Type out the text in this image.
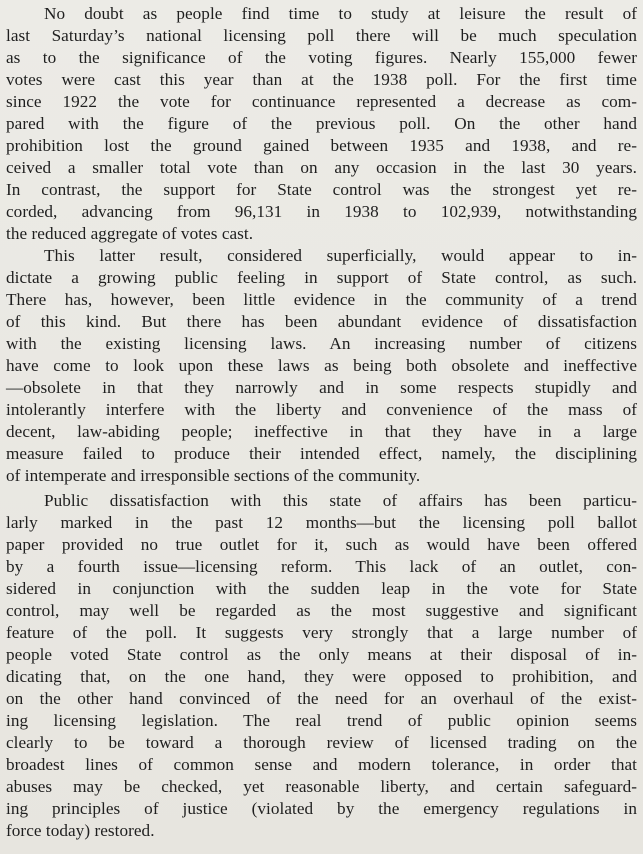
No doubt as people find time to study at leisure the result of
last Saturday’s national licensing poll there will be much speculation
as to the significance of the voting figures. Nearly 155,000 fewer
votes were cast this year than at the 1938 poll. For the first time
since 1922 the vote for continuance represented a decrease as com-
pared with the figure of the previous poll. On the other hand
prohibition lost the ground gained between 1935 and 1938, and re-
ceived a smaller total vote than on any occasion in the last 30 years.
In contrast, the support for State control was the strongest yet re-
corded, advancing from 96,131 in 1938 to 102,939, notwithstanding
the reduced aggregate of votes cast.
This latter result, considered superficially, would appear to in-
dictate a growing public feeling in support of State control, as such.
There has, however, been little evidence in the community of a trend
of this kind. But there has been abundant evidence of dissatisfaction
with the existing licensing laws. An increasing number of citizens
have come to look upon these laws as being both obsolete and ineffective
—obsolete in that they narrowly and in some respects stupidly and
intolerantly interfere with the liberty and convenience of the mass of
decent, law-abiding people; ineffective in that they have in a large
measure failed to produce their intended effect, namely, the disciplining
of intemperate and irresponsible sections of the community.
Public dissatisfaction with this state of affairs has been particu-
larly marked in the past 12 months—but the licensing poll ballot
paper provided no true outlet for it, such as would have been offered
by a fourth issue—licensing reform. This lack of an outlet, con-
sidered in conjunction with the sudden leap in the vote for State
control, may well be regarded as the most suggestive and significant
feature of the poll. It suggests very strongly that a large number of
people voted State control as the only means at their disposal of in-
dicating that, on the one hand, they were opposed to prohibition, and
on the other hand convinced of the need for an overhaul of the exist-
ing licensing legislation. The real trend of public opinion seems
clearly to be toward a thorough review of licensed trading on the
broadest lines of common sense and modern tolerance, in order that
abuses may be checked, yet reasonable liberty, and certain safeguard-
ing principles of justice (violated by the emergency regulations in
force today) restored.
